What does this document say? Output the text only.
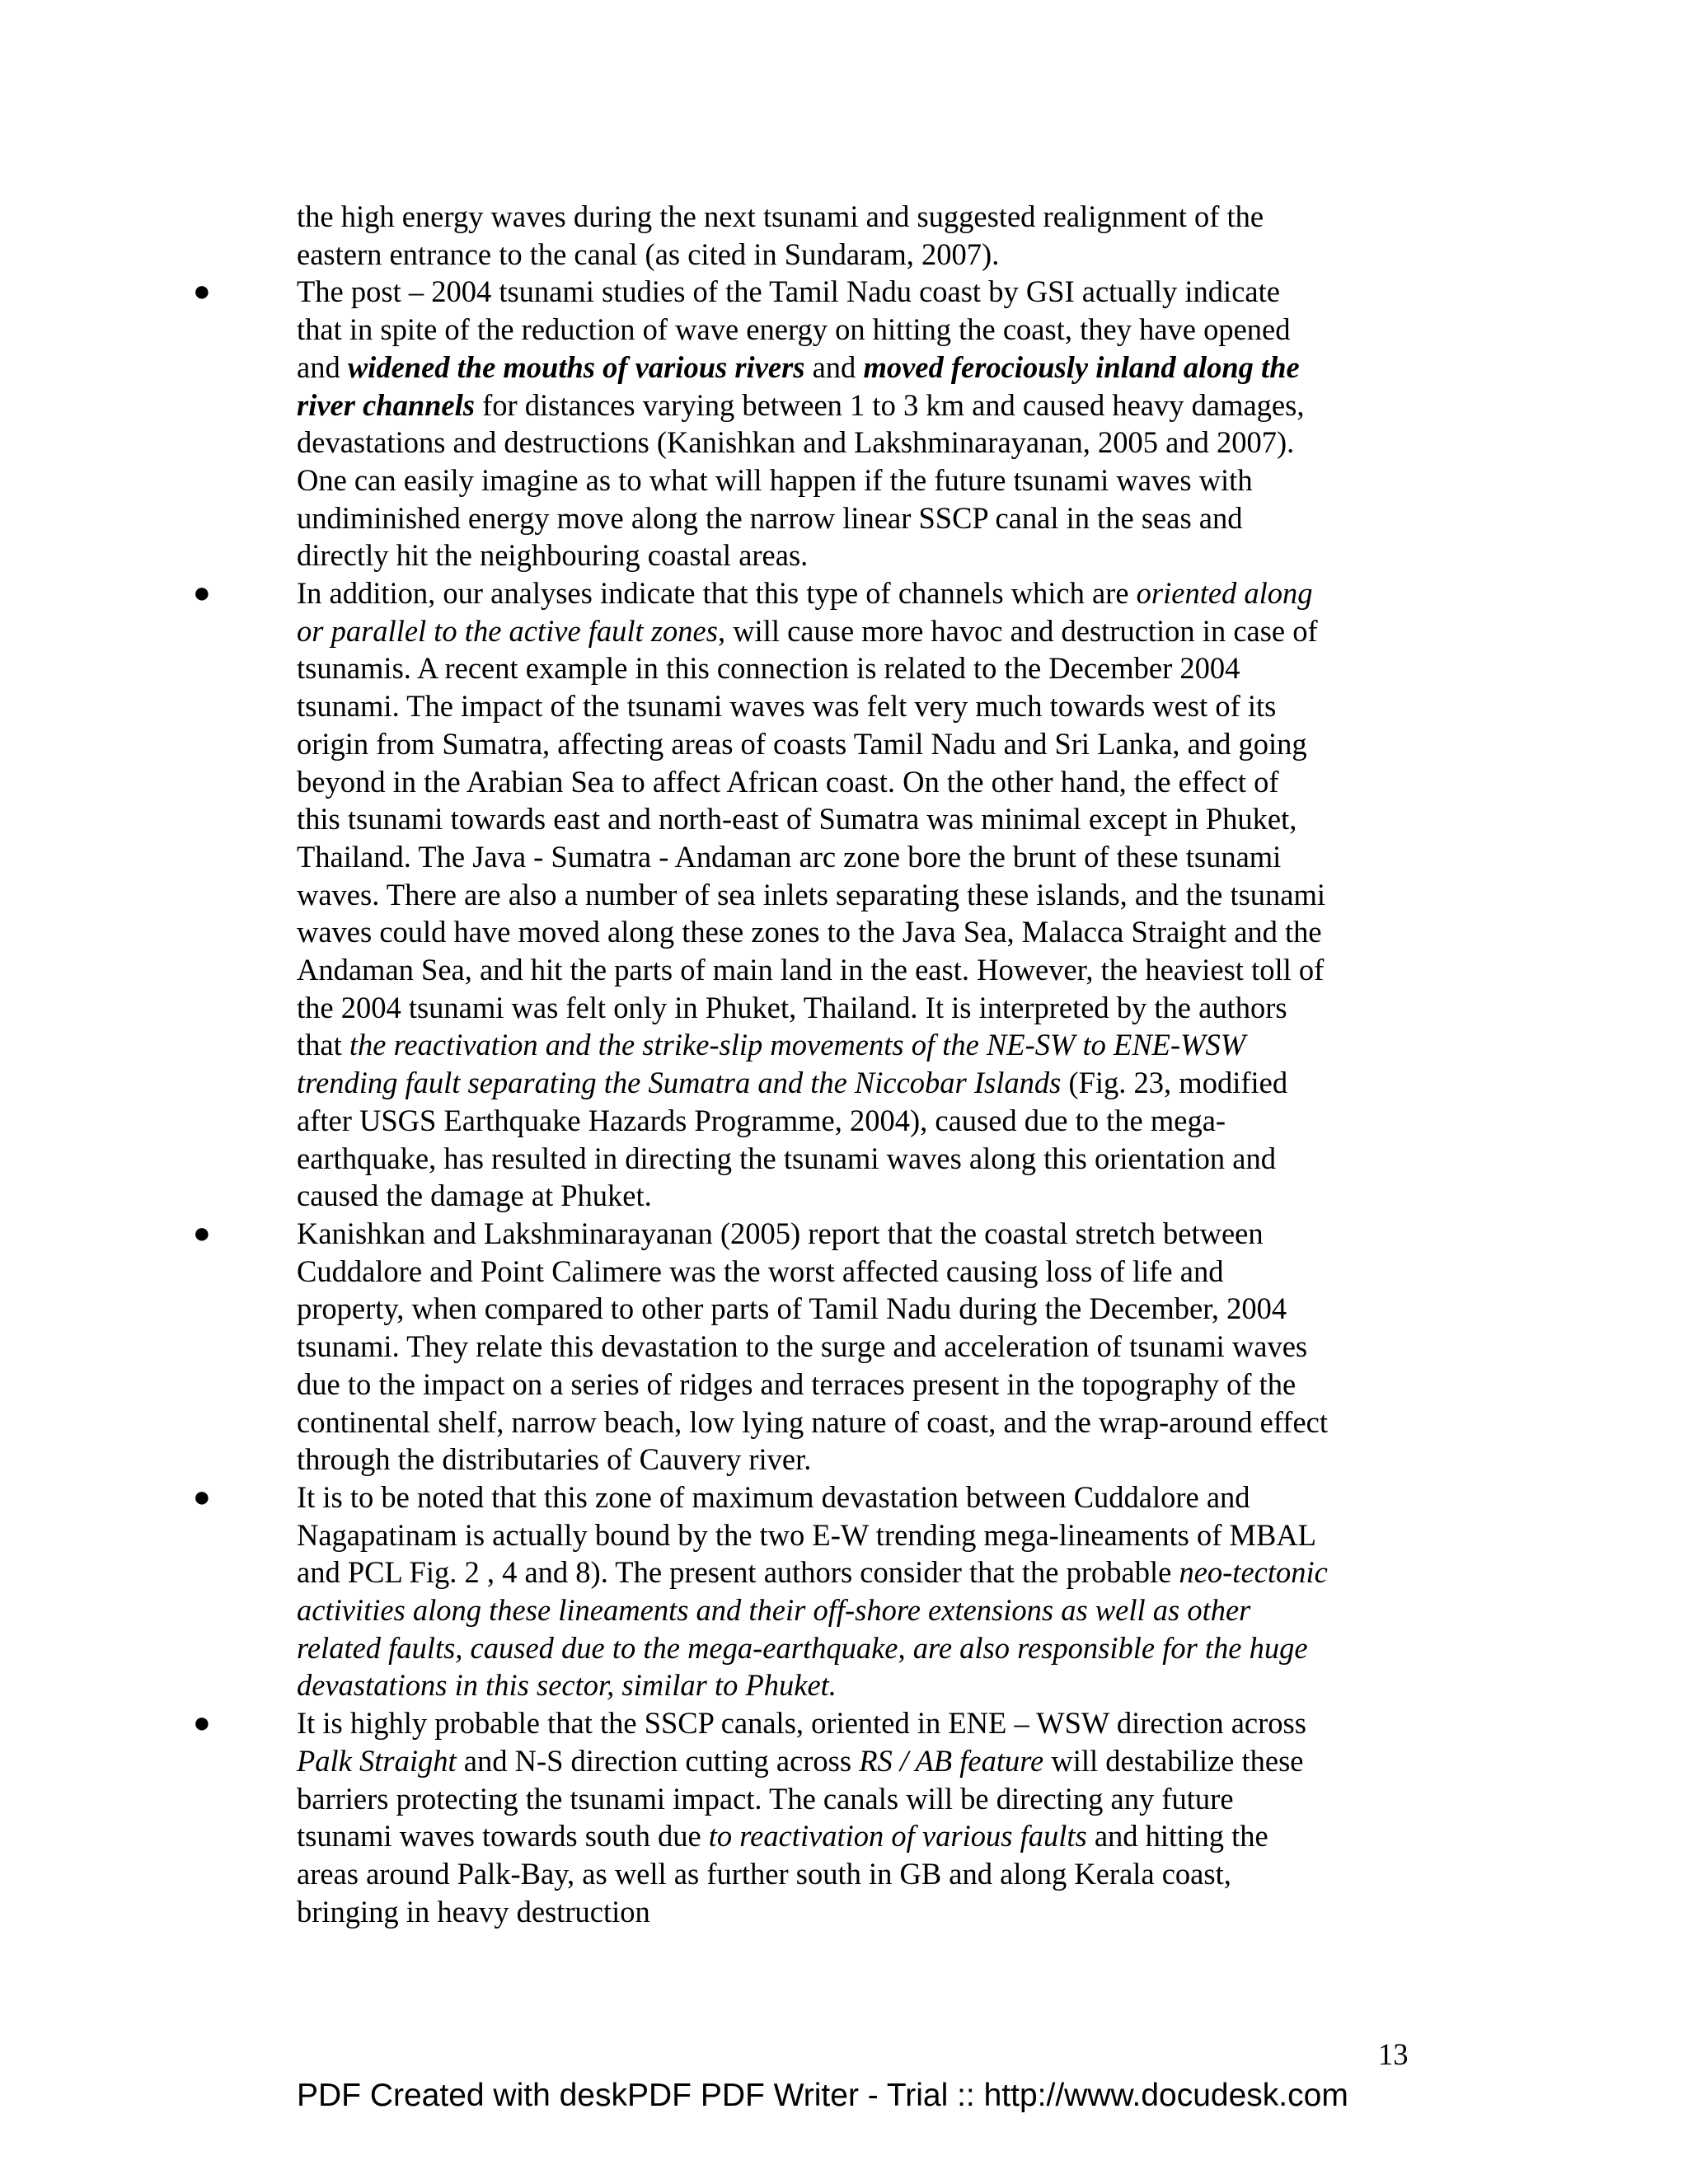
the high energy waves during the next tsunami and suggested realignment of the
eastern entrance to the canal (as cited in Sundaram, 2007).
●	The post – 2004 tsunami studies of the Tamil Nadu coast by GSI actually indicate
that in spite of the reduction of wave energy on hitting the coast, they have opened
and widened the mouths of various rivers and moved ferociously inland along the
river channels for distances varying between 1 to 3 km and caused heavy damages,
devastations and destructions (Kanishkan and Lakshminarayanan, 2005 and 2007).
One can easily imagine as to what will happen if the future tsunami waves with
undiminished energy move along the narrow linear SSCP canal in the seas and
directly hit the neighbouring coastal areas.
●	In addition, our analyses indicate that this type of channels which are oriented along
or parallel to the active fault zones, will cause more havoc and destruction in case of
tsunamis. A recent example in this connection is related to the December 2004
tsunami. The impact of the tsunami waves was felt very much towards west of its
origin from Sumatra, affecting areas of coasts Tamil Nadu and Sri Lanka, and going
beyond in the Arabian Sea to affect African coast. On the other hand, the effect of
this tsunami towards east and north-east of Sumatra was minimal except in Phuket,
Thailand. The Java - Sumatra - Andaman arc zone bore the brunt of these tsunami
waves. There are also a number of sea inlets separating these islands, and the tsunami
waves could have moved along these zones to the Java Sea, Malacca Straight and the
Andaman Sea, and hit the parts of main land in the east. However, the heaviest toll of
the 2004 tsunami was felt only in Phuket, Thailand. It is interpreted by the authors
that the reactivation and the strike-slip movements of the NE-SW to ENE-WSW
trending fault separating the Sumatra and the Niccobar Islands (Fig. 23, modified
after USGS Earthquake Hazards Programme, 2004), caused due to the mega-
earthquake, has resulted in directing the tsunami waves along this orientation and
caused the damage at Phuket.
●	Kanishkan and Lakshminarayanan (2005) report that the coastal stretch between
Cuddalore and Point Calimere was the worst affected causing loss of life and
property, when compared to other parts of Tamil Nadu during the December, 2004
tsunami. They relate this devastation to the surge and acceleration of tsunami waves
due to the impact on a series of ridges and terraces present in the topography of the
continental shelf, narrow beach, low lying nature of coast, and the wrap-around effect
through the distributaries of Cauvery river.
●	It is to be noted that this zone of maximum devastation between Cuddalore and
Nagapatinam is actually bound by the two E-W trending mega-lineaments of MBAL
and PCL Fig. 2 , 4 and 8). The present authors consider that the probable neo-tectonic
activities along these lineaments and their off-shore extensions as well as other
related faults, caused due to the mega-earthquake, are also responsible for the huge
devastations in this sector, similar to Phuket.
●	It is highly probable that the SSCP canals, oriented in ENE – WSW direction across
Palk Straight and N-S direction cutting across RS / AB feature will destabilize these
barriers protecting the tsunami impact. The canals will be directing any future
tsunami waves towards south due to reactivation of various faults and hitting the
areas around Palk-Bay, as well as further south in GB and along Kerala coast,
bringing in heavy destruction
13
PDF Created with deskPDF PDF Writer - Trial :: http://www.docudesk.com
